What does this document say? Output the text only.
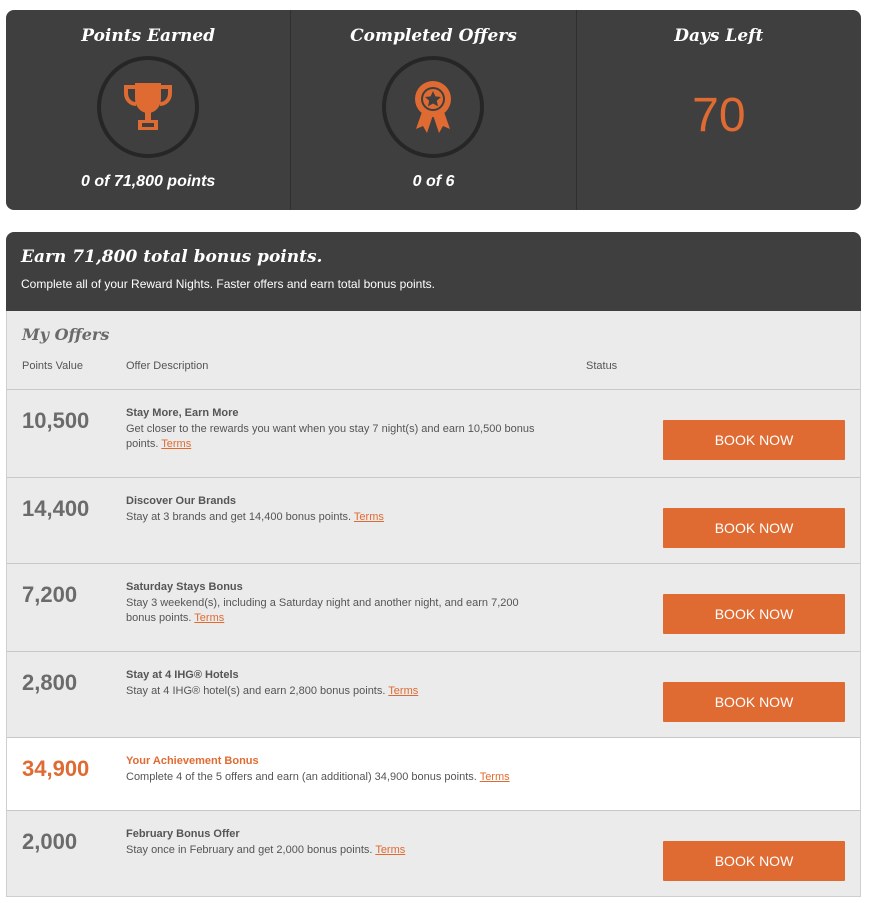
Points Earned
0 of 71,800 points
Completed Offers
0 of 6
Days Left
70
Earn 71,800 total bonus points.
Complete all of your Reward Nights. Faster offers and earn total bonus points.
My Offers
Points Value	Offer Description	Status
10,500	Stay More, Earn More
Get closer to the rewards you want when you stay 7 night(s) and earn 10,500 bonus points. Terms	BOOK NOW
14,400	Discover Our Brands
Stay at 3 brands and get 14,400 bonus points. Terms
BOOK NOW
7,200	Saturday Stays Bonus
Stay 3 weekend(s), including a Saturday night and another night, and earn 7,200 bonus points. Terms	BOOK NOW
2,800	Stay at 4 IHG® Hotels
Stay at 4 IHG® hotel(s) and earn 2,800 bonus points. Terms
BOOK NOW
34,900	Your Achievement Bonus
Complete 4 of the 5 offers and earn (an additional) 34,900 bonus points. Terms
2,000	February Bonus Offer
Stay once in February and get 2,000 bonus points. Terms
BOOK NOW
